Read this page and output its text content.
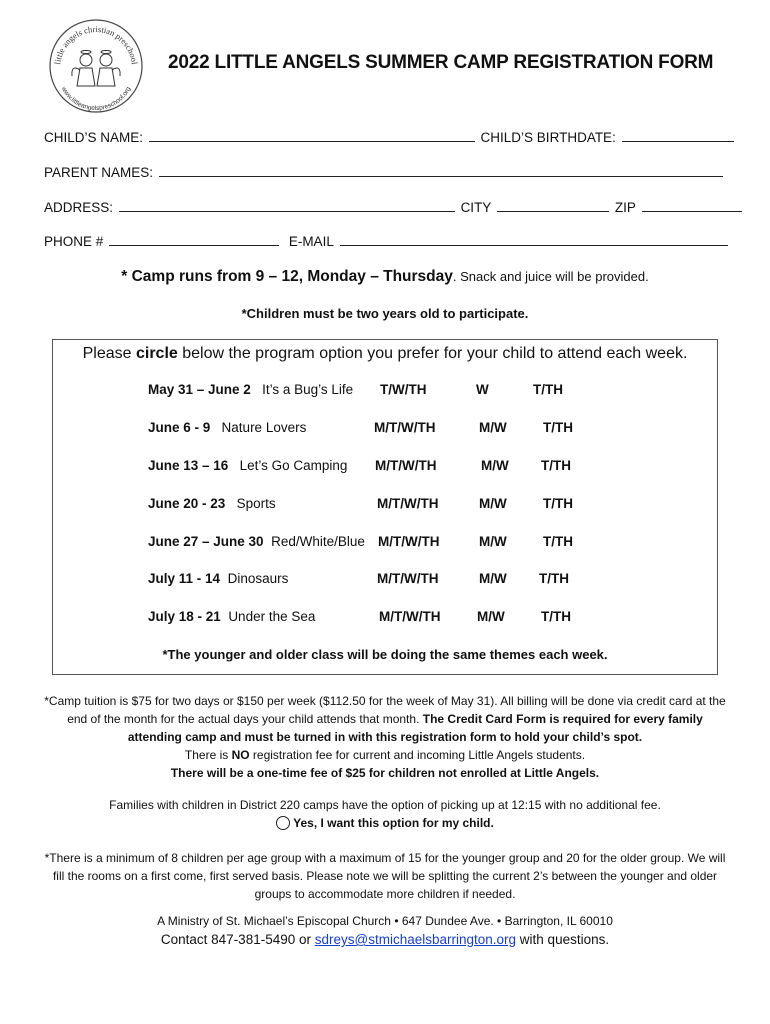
little angels christian preschool
www.littleangelspreschool.org
2022 LITTLE ANGELS SUMMER CAMP REGISTRATION FORM
CHILD’S NAME:	CHILD’S BIRTHDATE:
PARENT NAMES:
ADDRESS:	CITY	ZIP
PHONE #	E-MAIL
* Camp runs from 9 – 12, Monday – Thursday. Snack and juice will be provided.
*Children must be two years old to participate.
Please circle below the program option you prefer for your child to attend each week.
May 31 – June 2 It’s a Bug’s Life T/W/TH	W	T/TH
June 6 - 9 Nature Lovers	M/T/W/TH	M/W	T/TH
June 13 – 16 Let’s Go Camping M/T/W/TH	M/W T/TH
June 20 - 23 Sports	M/T/W/TH	M/W	T/TH
June 27 – June 30 Red/White/Blue M/T/W/TH	M/W	T/TH
July 11 - 14 Dinosaurs	M/T/W/TH	M/W T/TH
July 18 - 21 Under the Sea	M/T/W/TH	M/W	T/TH
*The younger and older class will be doing the same themes each week.
*Camp tuition is $75 for two days or $150 per week ($112.50 for the week of May 31). All billing will be done via credit card at the end of the month for the actual days your child attends that month. The Credit Card Form is required for every family attending camp and must be turned in with this registration form to hold your child’s spot.
There is NO registration fee for current and incoming Little Angels students.
There will be a one-time fee of $25 for children not enrolled at Little Angels.
Families with children in District 220 camps have the option of picking up at 12:15 with no additional fee.
Yes, I want this option for my child.
*There is a minimum of 8 children per age group with a maximum of 15 for the younger group and 20 for the older group. We will fill the rooms on a first come, first served basis. Please note we will be splitting the current 2’s between the younger and older groups to accommodate more children if needed.
A Ministry of St. Michael’s Episcopal Church • 647 Dundee Ave. • Barrington, IL 60010
Contact 847-381-5490 or sdreys@stmichaelsbarrington.org with questions.
